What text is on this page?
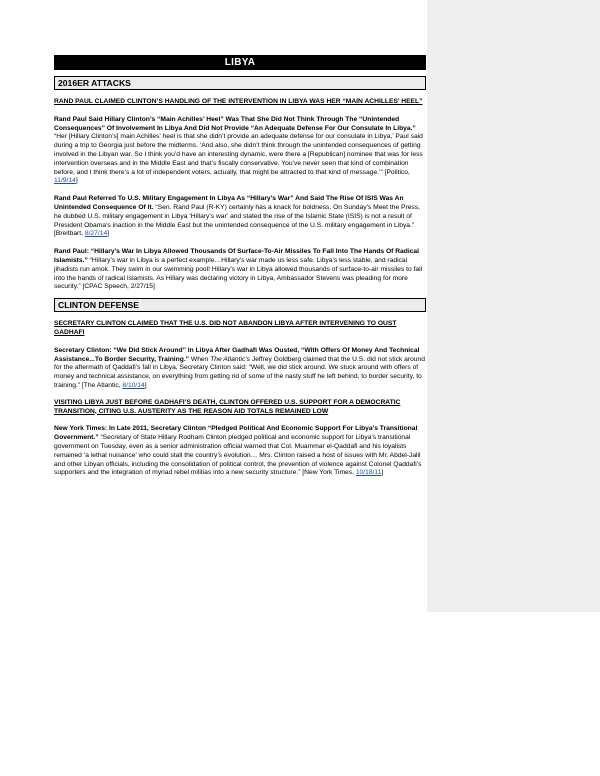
LIBYA
2016ER ATTACKS
RAND PAUL CLAIMED CLINTON’S HANDLING OF THE INTERVENTION IN LIBYA WAS HER “MAIN ACHILLES’ HEEL”
Rand Paul Said Hillary Clinton’s “Main Achilles’ Heel” Was That She Did Not Think Through The “Unintended Consequences” Of Involvement In Libya And Did Not Provide “An Adequate Defense For Our Consulate In Libya.” “Her [Hillary Clinton’s] main Achilles’ heel is that she didn’t provide an adequate defense for our consulate in Libya,’ Paul said during a trip to Georgia just before the midterms. ‘And also, she didn’t think through the unintended consequences of getting involved in the Libyan war. So I think you’d have an interesting dynamic, were there a [Republican] nominee that was for less intervention overseas and in the Middle East and that’s fiscally conservative. You’ve never seen that kind of combination before, and I think there’s a lot of independent voters, actually, that might be attracted to that kind of message.’” [Politico, 11/9/14]
Rand Paul Referred To U.S. Military Engagement In Libya As “Hillary’s War” And Said The Rise Of ISIS Was An Unintended Consequence Of It. “Sen. Rand Paul (R-KY) certainly has a knack for boldness. On Sunday’s Meet the Press, he dubbed U.S. military engagement in Libya ‘Hillary’s war’ and stated the rise of the Islamic State (ISIS) is not a result of President Obama’s inaction in the Middle East but the unintended consequence of the U.S. military engagement in Libya.” [Breitbart, 8/27/14]
Rand Paul: “Hillary’s War In Libya Allowed Thousands Of Surface-To-Air Missiles To Fall Into The Hands Of Radical Islamists.” “Hillary’s war in Libya is a perfect example…Hillary’s war made us less safe. Libya’s less stable, and radical jihadists run amok. They swim in our swimming pool! Hillary’s war in Libya allowed thousands of surface-to-air missiles to fall into the hands of radical Islamists. As Hillary was declaring victory in Libya, Ambassador Stevens was pleading for more security.” [CPAC Speech, 2/27/15]
CLINTON DEFENSE
SECRETARY CLINTON CLAIMED THAT THE U.S. DID NOT ABANDON LIBYA AFTER INTERVENING TO OUST GADHAFI
Secretary Clinton: “We Did Stick Around” In Libya After Gadhafi Was Ousted, “With Offers Of Money And Technical Assistance...To Border Security, Training.” When The Atlantic’s Jeffrey Goldberg claimed that the U.S. did not stick around for the aftermath of Qaddafi’s fall in Libya, Secretary Clinton said: “Well, we did stick around. We stuck around with offers of money and technical assistance, on everything from getting rid of some of the nasty stuff he left behind, to border security, to training.” [The Atlantic, 8/10/14]
VISITING LIBYA JUST BEFORE GADHAFI’S DEATH, CLINTON OFFERED U.S. SUPPORT FOR A DEMOCRATIC TRANSITION, CITING U.S. AUSTERITY AS THE REASON AID TOTALS REMAINED LOW
New York Times: In Late 2011, Secretary Clinton “Pledged Political And Economic Support For Libya’s Transitional Government.” “Secretary of State Hillary Rodham Clinton pledged political and economic support for Libya’s transitional government on Tuesday, even as a senior administration official warned that Col. Muammar el-Qaddafi and his loyalists remained ‘a lethal nuisance’ who could stall the country’s evolution… Mrs. Clinton raised a host of issues with Mr. Abdel-Jalil and other Libyan officials, including the consolidation of political control, the prevention of violence against Colonel Qaddafi’s supporters and the integration of myriad rebel militias into a new security structure.” [New York Times, 10/18/11]
